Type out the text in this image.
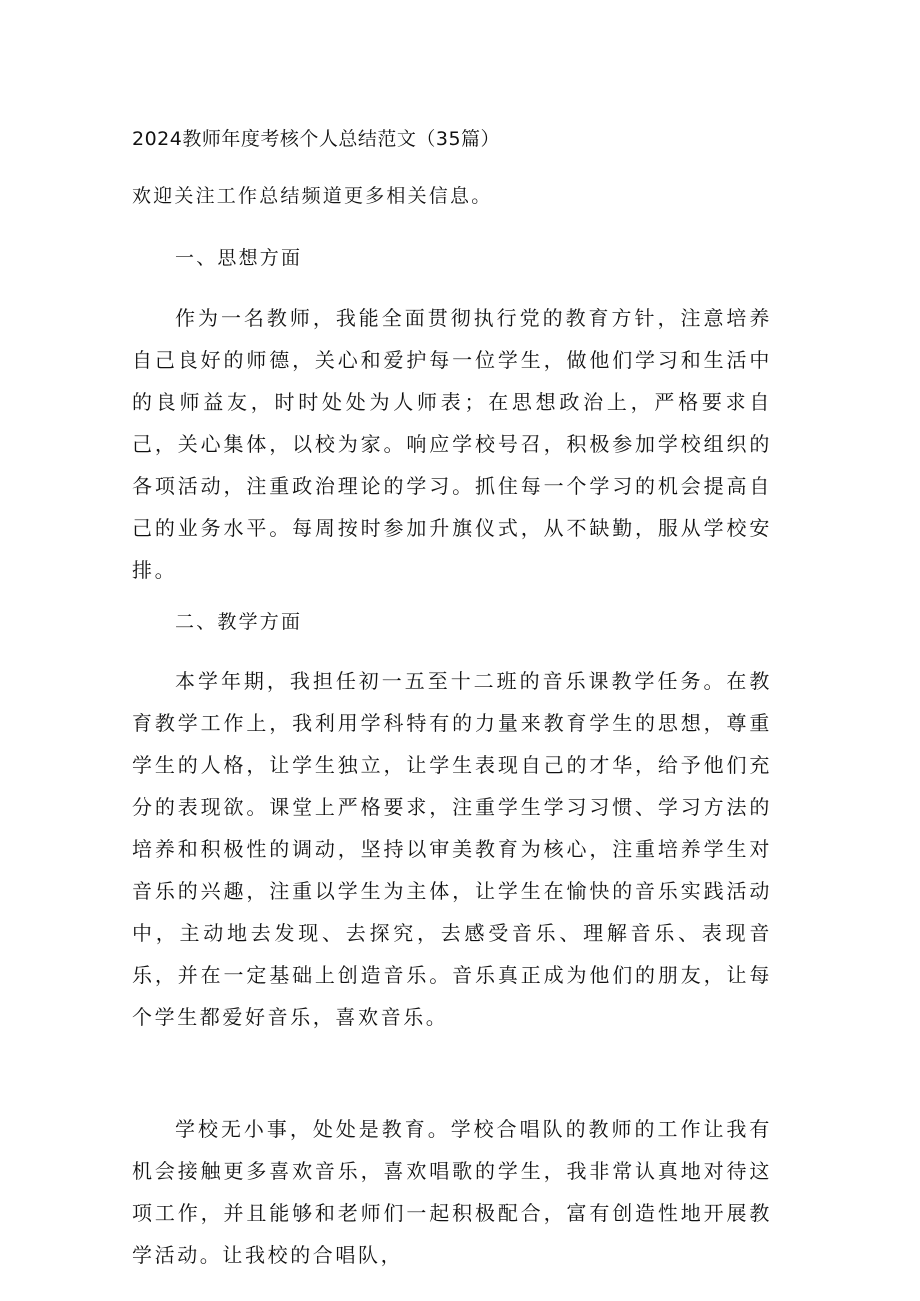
2024教师年度考核个人总结范文（35篇）
欢迎关注工作总结频道更多相关信息。
一、思想方面
作为一名教师，我能全面贯彻执行党的教育方针，注意培养自己良好的师德，关心和爱护每一位学生，做他们学习和生活中的良师益友，时时处处为人师表；在思想政治上，严格要求自己，关心集体，以校为家。响应学校号召，积极参加学校组织的各项活动，注重政治理论的学习。抓住每一个学习的机会提高自己的业务水平。每周按时参加升旗仪式，从不缺勤，服从学校安排。
二、教学方面
本学年期，我担任初一五至十二班的音乐课教学任务。在教育教学工作上，我利用学科特有的力量来教育学生的思想，尊重学生的人格，让学生独立，让学生表现自己的才华，给予他们充分的表现欲。课堂上严格要求，注重学生学习习惯、学习方法的培养和积极性的调动，坚持以审美教育为核心，注重培养学生对音乐的兴趣，注重以学生为主体，让学生在愉快的音乐实践活动中，主动地去发现、去探究，去感受音乐、理解音乐、表现音乐，并在一定基础上创造音乐。音乐真正成为他们的朋友，让每个学生都爱好音乐，喜欢音乐。
学校无小事，处处是教育。学校合唱队的教师的工作让我有机会接触更多喜欢音乐，喜欢唱歌的学生，我非常认真地对待这项工作，并且能够和老师们一起积极配合，富有创造性地开展教学活动。让我校的合唱队，
